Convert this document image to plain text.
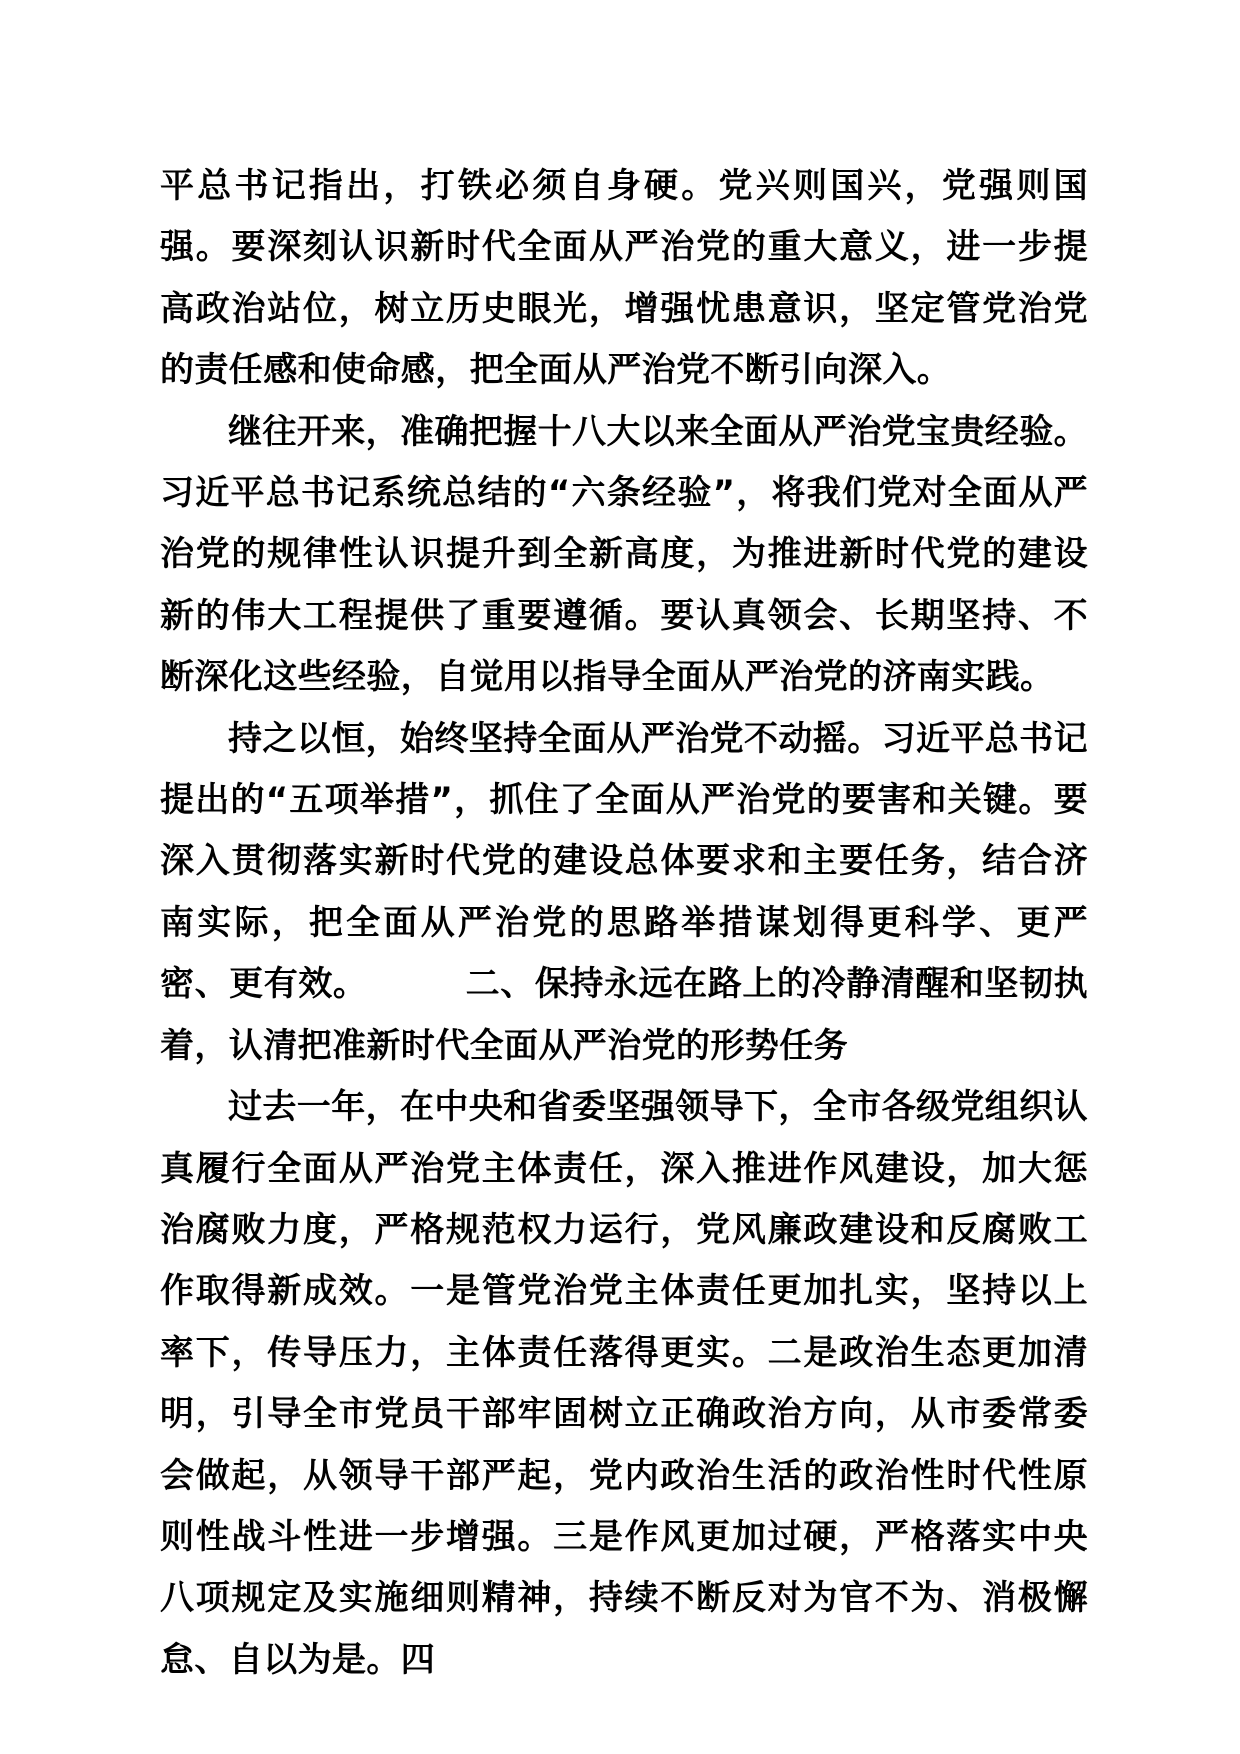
平总书记指出，打铁必须自身硬。党兴则国兴，党强则国强。要深刻认识新时代全面从严治党的重大意义，进一步提高政治站位，树立历史眼光，增强忧患意识，坚定管党治党的责任感和使命感，把全面从严治党不断引向深入。

继往开来，准确把握十八大以来全面从严治党宝贵经验。习近平总书记系统总结的“六条经验”，将我们党对全面从严治党的规律性认识提升到全新高度，为推进新时代党的建设新的伟大工程提供了重要遵循。要认真领会、长期坚持、不断深化这些经验，自觉用以指导全面从严治党的济南实践。

持之以恒，始终坚持全面从严治党不动摇。习近平总书记提出的“五项举措”，抓住了全面从严治党的要害和关键。要深入贯彻落实新时代党的建设总体要求和主要任务，结合济南实际，把全面从严治党的思路举措谋划得更科学、更严密、更有效。	二、保持永远在路上的冷静清醒和坚韧执着，认清把准新时代全面从严治党的形势任务

过去一年，在中央和省委坚强领导下，全市各级党组织认真履行全面从严治党主体责任，深入推进作风建设，加大惩治腐败力度，严格规范权力运行，党风廉政建设和反腐败工作取得新成效。一是管党治党主体责任更加扎实，坚持以上率下，传导压力，主体责任落得更实。二是政治生态更加清明，引导全市党员干部牢固树立正确政治方向，从市委常委会做起，从领导干部严起，党内政治生活的政治性时代性原则性战斗性进一步增强。三是作风更加过硬，严格落实中央八项规定及实施细则精神，持续不断反对为官不为、消极懈怠、自以为是。四
